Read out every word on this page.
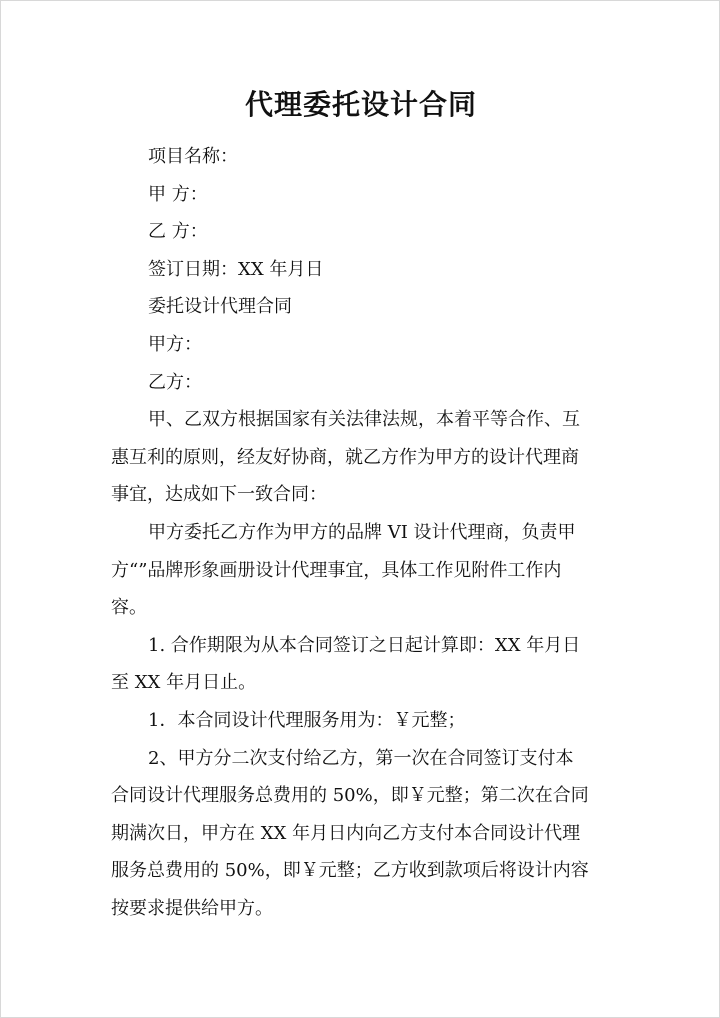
代理委托设计合同
项目名称：
甲 方：
乙 方：
签订日期：XX 年月日
委托设计代理合同
甲方：
乙方：
甲、乙双方根据国家有关法律法规，本着平等合作、互
惠互利的原则，经友好协商，就乙方作为甲方的设计代理商
事宜，达成如下一致合同：
甲方委托乙方作为甲方的品牌 VI 设计代理商，负责甲
方“”品牌形象画册设计代理事宜，具体工作见附件工作内
容。
1. 合作期限为从本合同签订之日起计算即：XX 年月日
至 XX 年月日止。
1．本合同设计代理服务用为：￥元整；
2、甲方分二次支付给乙方，第一次在合同签订支付本
合同设计代理服务总费用的 50%，即￥元整；第二次在合同
期满次日，甲方在 XX 年月日内向乙方支付本合同设计代理
服务总费用的 50%，即￥元整；乙方收到款项后将设计内容
按要求提供给甲方。
